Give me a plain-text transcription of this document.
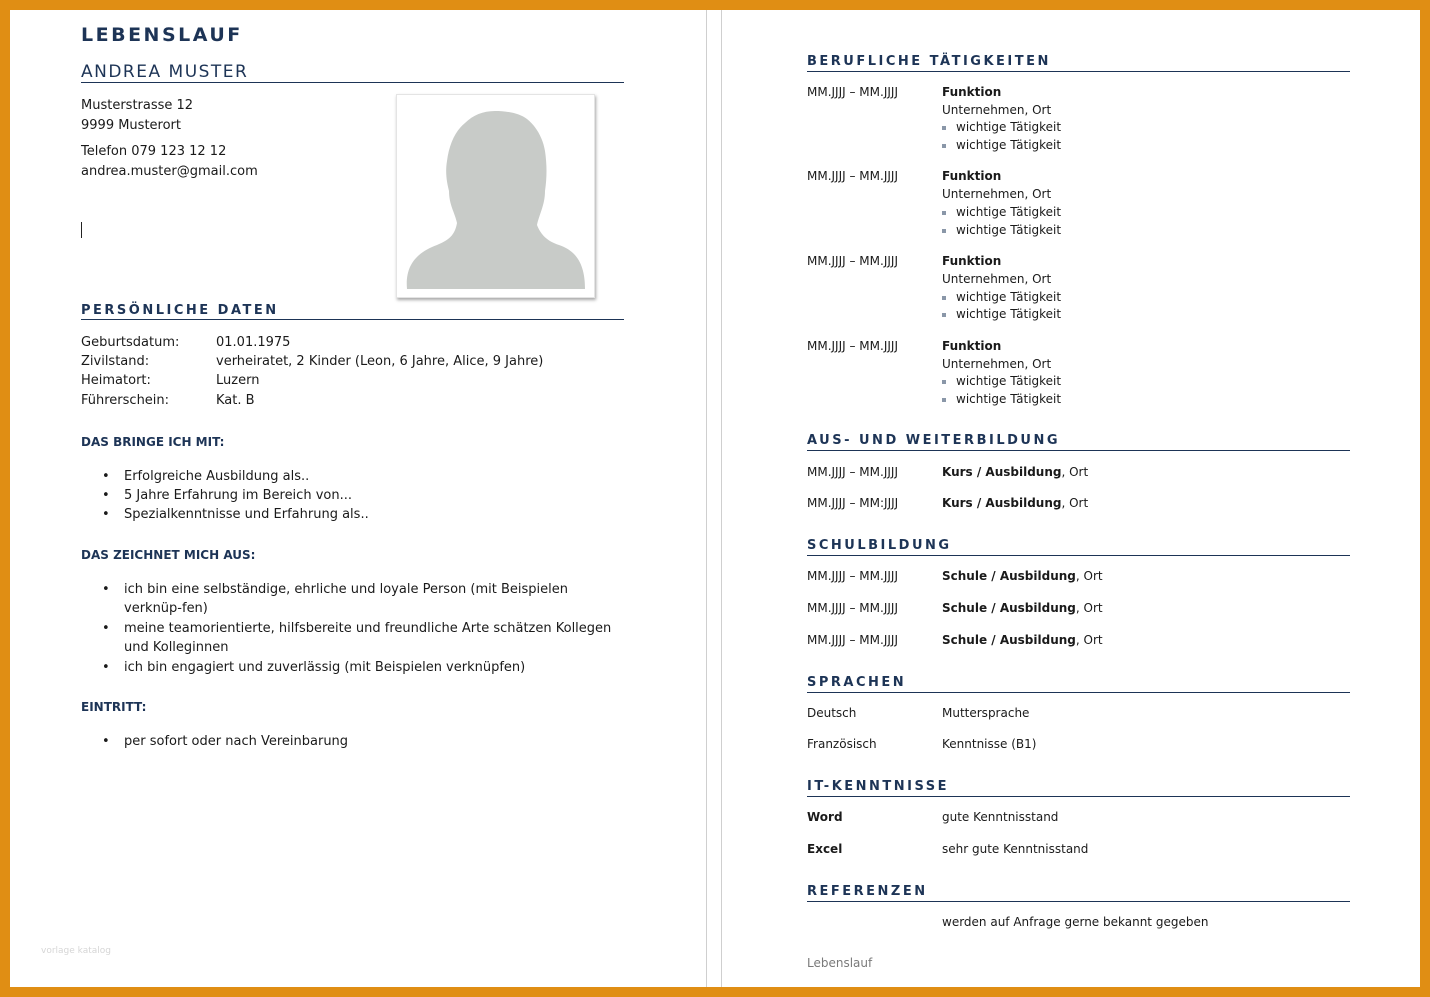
LEBENSLAUF
ANDREA MUSTER
Musterstrasse 12
9999 Musterort
Telefon 079 123 12 12
andrea.muster@gmail.com
PERSÖNLICHE DATEN
Geburtsdatum:	01.01.1975
Zivilstand:	verheiratet, 2 Kinder (Leon, 6 Jahre, Alice, 9 Jahre)
Heimatort:	Luzern
Führerschein:	Kat. B
DAS BRINGE ICH MIT:
• Erfolgreiche Ausbildung als..
• 5 Jahre Erfahrung im Bereich von...
• Spezialkenntnisse und Erfahrung als..
DAS ZEICHNET MICH AUS:
• ich bin eine selbständige, ehrliche und loyale Person (mit Beispielen verknüp-fen)
• meine teamorientierte, hilfsbereite und freundliche Arte schätzen Kollegen und Kolleginnen
• ich bin engagiert und zuverlässig (mit Beispielen verknüpfen)
EINTRITT:
• per sofort oder nach Vereinbarung
vorlage katalog
BERUFLICHE TÄTIGKEITEN
MM.JJJJ – MM.JJJJ	Funktion
Unternehmen, Ort
wichtige Tätigkeit
wichtige Tätigkeit
MM.JJJJ – MM.JJJJ	Funktion
Unternehmen, Ort
wichtige Tätigkeit
wichtige Tätigkeit
MM.JJJJ – MM.JJJJ	Funktion
Unternehmen, Ort
wichtige Tätigkeit
wichtige Tätigkeit
MM.JJJJ – MM.JJJJ	Funktion
Unternehmen, Ort
wichtige Tätigkeit
wichtige Tätigkeit
AUS- UND WEITERBILDUNG
MM.JJJJ – MM.JJJJ	Kurs / Ausbildung, Ort
MM.JJJJ – MM:JJJJ	Kurs / Ausbildung, Ort
SCHULBILDUNG
MM.JJJJ – MM.JJJJ	Schule / Ausbildung, Ort
MM.JJJJ – MM.JJJJ	Schule / Ausbildung, Ort
MM.JJJJ – MM.JJJJ	Schule / Ausbildung, Ort
SPRACHEN
Deutsch	Muttersprache
Französisch	Kenntnisse (B1)
IT-KENNTNISSE
Word	gute Kenntnisstand
Excel	sehr gute Kenntnisstand
REFERENZEN
werden auf Anfrage gerne bekannt gegeben
Lebenslauf
